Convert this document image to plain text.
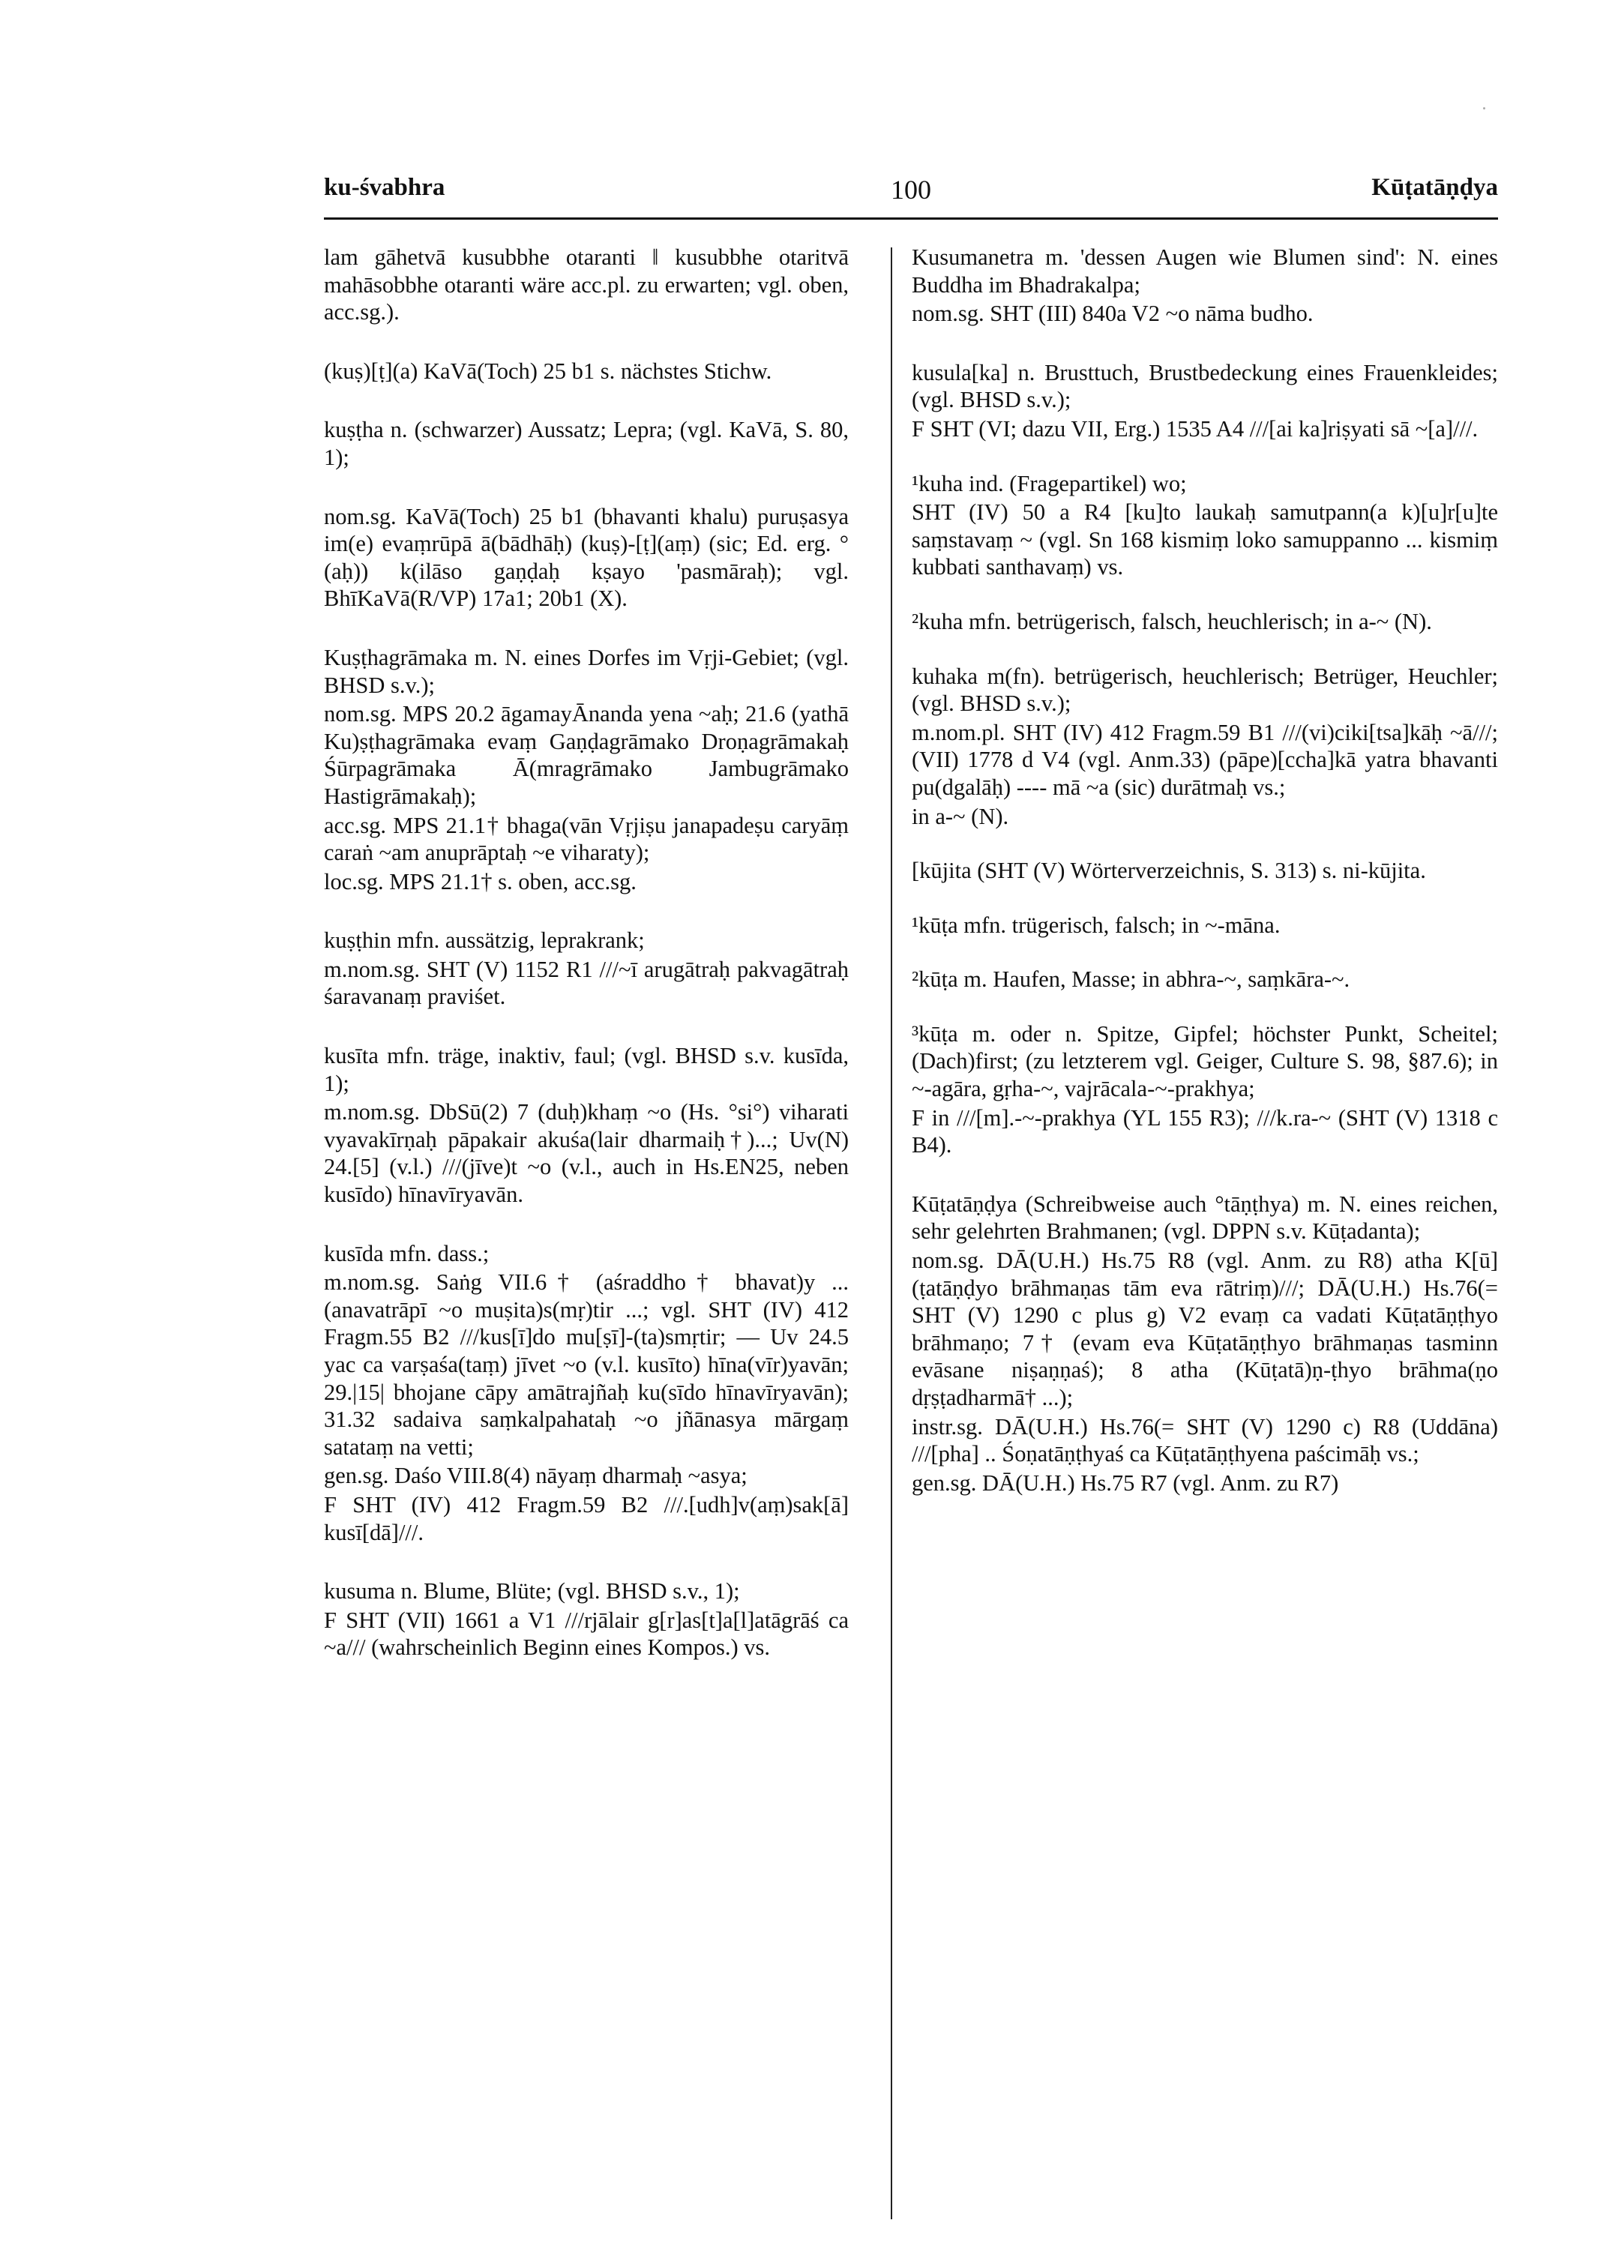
ku-śvabhra	100	Kūṭatāṇḍya

lam gāhetvā kusubbhe otaranti ‖ kusubbhe otaritvā mahāsobbhe otaranti wäre acc.pl. zu erwarten; vgl. oben, acc.sg.).

(kuṣ)[ṭ](a) KaVā(Toch) 25 b1 s. nächstes Stichw.

kuṣṭha n. (schwarzer) Aussatz; Lepra; (vgl. KaVā, S. 80, 1);

nom.sg. KaVā(Toch) 25 b1 (bhavanti khalu) puruṣasya im(e) evaṃrūpā ā(bādhāḥ) (kuṣ)-[ṭ](aṃ) (sic; Ed. erg. °(aḥ)) k(ilāso gaṇḍaḥ kṣayo 'pasmāraḥ); vgl. BhīKaVā(R/VP) 17a1; 20b1 (X).

Kuṣṭhagrāmaka m. N. eines Dorfes im Vṛji-Gebiet; (vgl. BHSD s.v.);

nom.sg. MPS 20.2 āgamayĀnanda yena ~aḥ; 21.6 (yathā Ku)ṣṭhagrāmaka evaṃ Gaṇḍagrāmako Droṇagrāmakaḥ Śūrpagrāmaka Ā(mragrāmako Jambugrāmako Hastigrāmakaḥ);

acc.sg. MPS 21.1† bhaga(vān Vṛjiṣu janapadeṣu caryāṃ caraṅ ~am anuprāptaḥ ~e viharaty);

loc.sg. MPS 21.1† s. oben, acc.sg.

kuṣṭhin mfn. aussätzig, leprakrank;

m.nom.sg. SHT (V) 1152 R1 ///~ī arugātraḥ pakvagātraḥ śaravanaṃ praviśet.

kusīta mfn. träge, inaktiv, faul; (vgl. BHSD s.v. kusīda, 1);

m.nom.sg. DbSū(2) 7 (duḥ)khaṃ ~o (Hs. °si°) viharati vyavakīrṇaḥ pāpakair akuśa(lair dharmaiḥ†)...; Uv(N) 24.[5] (v.l.) ///(jīve)t ~o (v.l., auch in Hs.EN25, neben kusīdo) hīnavīryavān.

kusīda mfn. dass.;

m.nom.sg. Saṅg VII.6† (aśraddho† bhavat)y ... (anavatrāpī ~o muṣita)s(mṛ)tir ...; vgl. SHT (IV) 412 Fragm.55 B2 ///kus[ī]do mu[ṣī]-(ta)smṛtir; — Uv 24.5 yac ca varṣaśa(taṃ) jīvet ~o (v.l. kusīto) hīna(vīr)yavān; 29.|15| bhojane cāpy amātrajñaḥ ku(sīdo hīnavīryavān); 31.32 sadaiva saṃkalpahataḥ ~o jñānasya mārgaṃ satataṃ na vetti;

gen.sg. Daśo VIII.8(4) nāyaṃ dharmaḥ ~asya;

F SHT (IV) 412 Fragm.59 B2 ///.[udh]v(aṃ)sak[ā] kusī[dā]///.

kusuma n. Blume, Blüte; (vgl. BHSD s.v., 1);

F SHT (VII) 1661 a V1 ///rjālair g[r]as[t]a[l]atāgrāś ca ~a/// (wahrscheinlich Beginn eines Kompos.) vs.

Kusumanetra m. 'dessen Augen wie Blumen sind': N. eines Buddha im Bhadrakalpa;

nom.sg. SHT (III) 840a V2 ~o nāma budho.

kusula[ka] n. Brusttuch, Brustbedeckung eines Frauenkleides; (vgl. BHSD s.v.);

F SHT (VI; dazu VII, Erg.) 1535 A4 ///[ai ka]riṣyati sā ~[a]///.

¹kuha ind. (Fragepartikel) wo;

SHT (IV) 50 a R4 [ku]to laukaḥ samutpann(a k)[u]r[u]te saṃstavaṃ ~ (vgl. Sn 168 kismiṃ loko samuppanno ... kismiṃ kubbati santhavaṃ) vs.

²kuha mfn. betrügerisch, falsch, heuchlerisch; in a-~ (N).

kuhaka m(fn). betrügerisch, heuchlerisch; Betrüger, Heuchler; (vgl. BHSD s.v.);

m.nom.pl. SHT (IV) 412 Fragm.59 B1 ///(vi)ciki[tsa]kāḥ ~ā///; (VII) 1778 d V4 (vgl. Anm.33) (pāpe)[ccha]kā yatra bhavanti pu(dgalāḥ) ---- mā ~a (sic) durātmaḥ vs.;

in a-~ (N).

[kūjita (SHT (V) Wörterverzeichnis, S. 313) s. ni-kūjita.

¹kūṭa mfn. trügerisch, falsch; in ~-māna.

²kūṭa m. Haufen, Masse; in abhra-~, saṃkāra-~.

³kūṭa m. oder n. Spitze, Gipfel; höchster Punkt, Scheitel; (Dach)first; (zu letzterem vgl. Geiger, Culture S. 98, §87.6); in ~-agāra, gṛha-~, vajrācala-~-prakhya;

F in ///[m].-~-prakhya (YL 155 R3); ///k.ra-~ (SHT (V) 1318 c B4).

Kūṭatāṇḍya (Schreibweise auch °tāṇṭhya) m. N. eines reichen, sehr gelehrten Brahmanen; (vgl. DPPN s.v. Kūṭadanta);

nom.sg. DĀ(U.H.) Hs.75 R8 (vgl. Anm. zu R8) atha K[ū](ṭatāṇḍyo brāhmaṇas tām eva rātriṃ)///; DĀ(U.H.) Hs.76(= SHT (V) 1290 c plus g) V2 evaṃ ca vadati Kūṭatāṇṭhyo brāhmaṇo; 7† (evam eva Kūṭatāṇṭhyo brāhmaṇas tasminn evāsane niṣaṇṇaś); 8 atha (Kūṭatā)ṇ-ṭhyo brāhma(ṇo dṛṣṭadharmā† ...);

instr.sg. DĀ(U.H.) Hs.76(= SHT (V) 1290 c) R8 (Uddāna) ///[pha] .. Śoṇatāṇṭhyaś ca Kūṭatāṇṭhyena paścimāḥ vs.;

gen.sg. DĀ(U.H.) Hs.75 R7 (vgl. Anm. zu R7)
